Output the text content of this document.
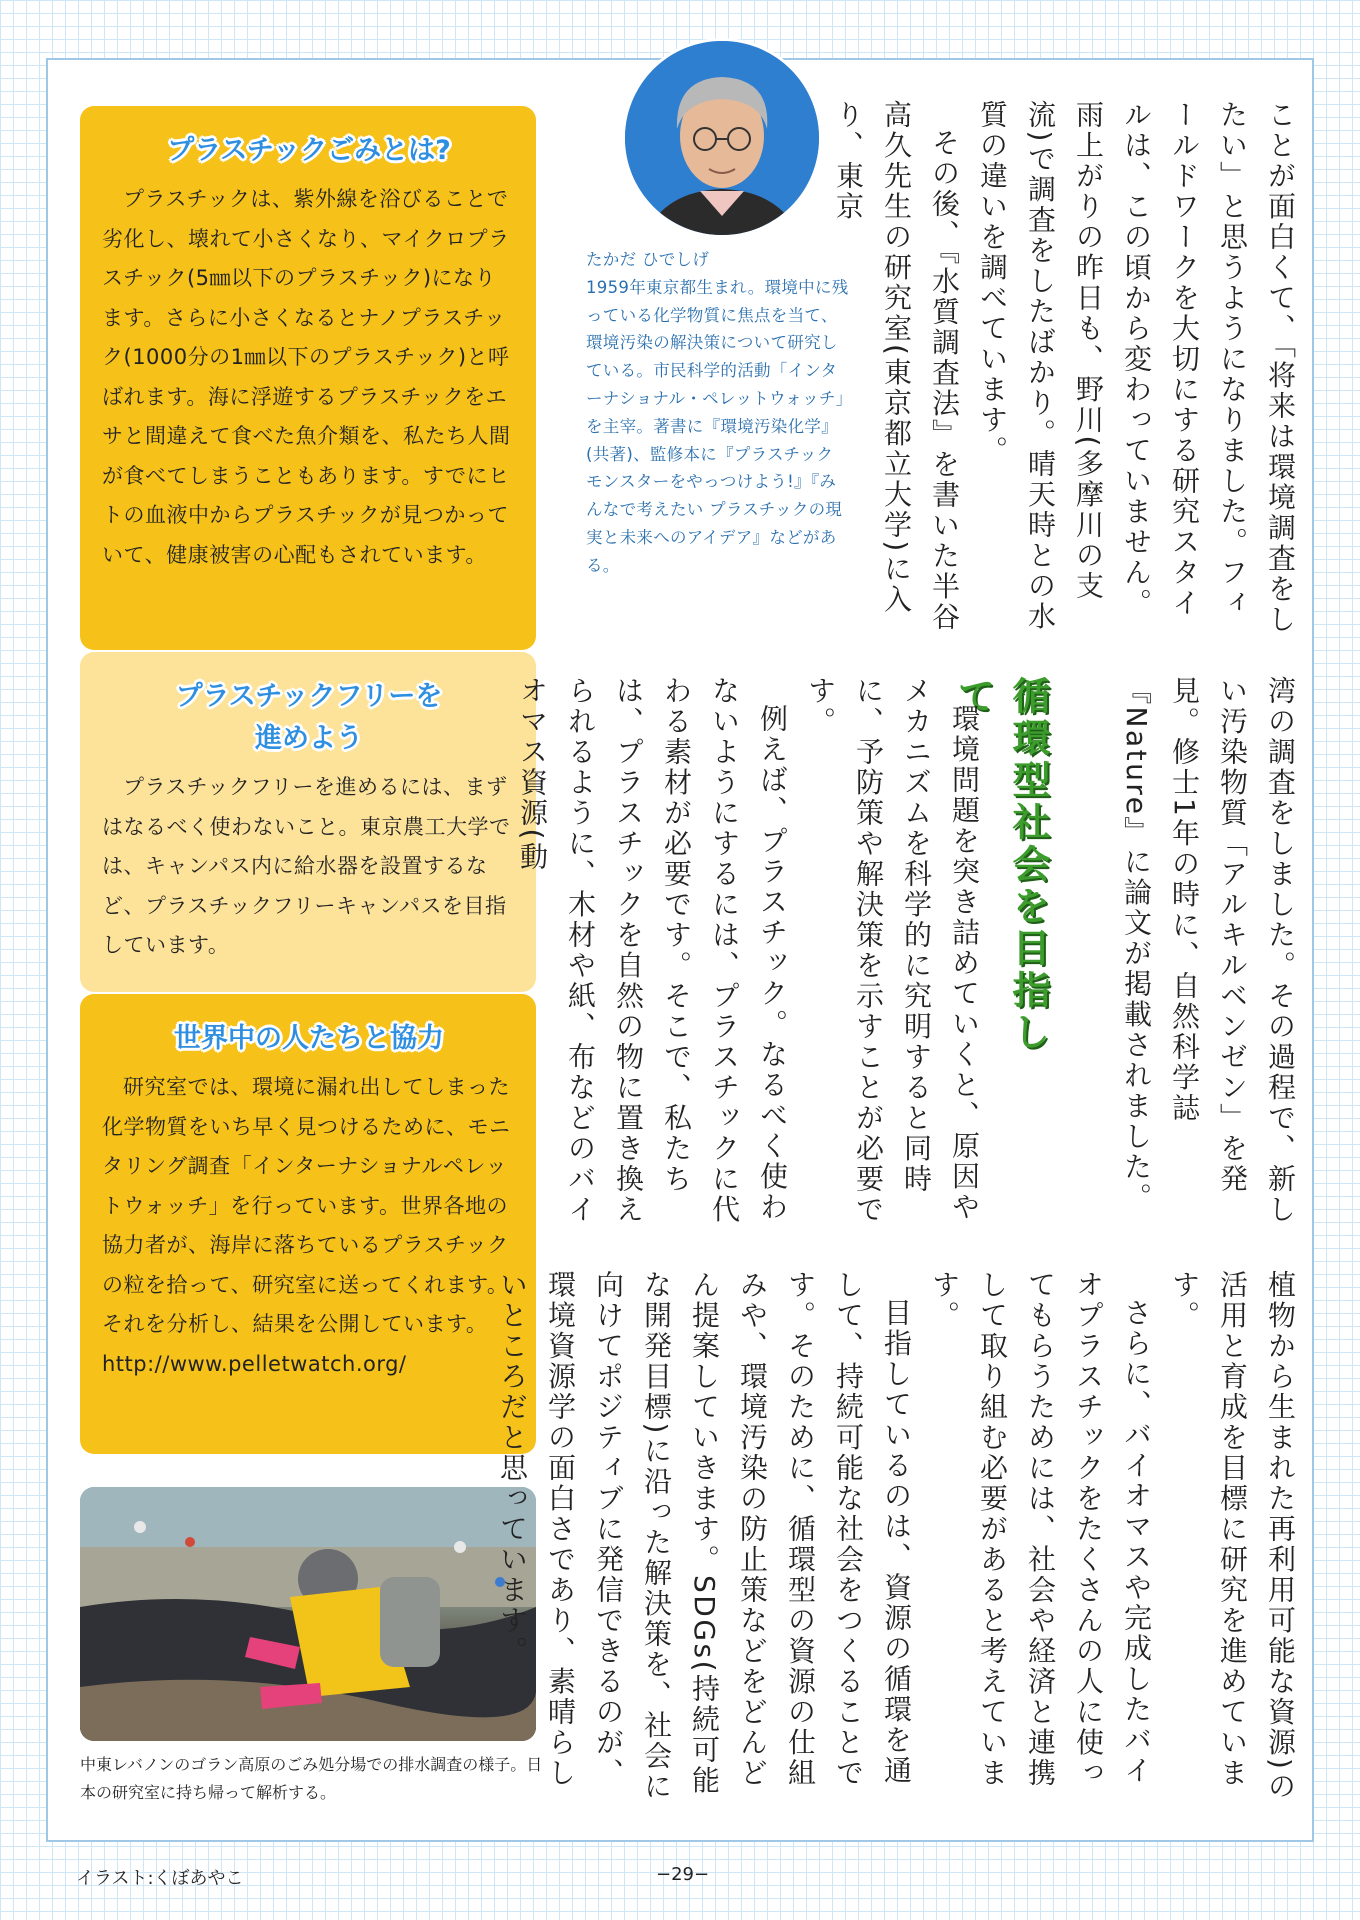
プラスチックごみとは?
プラスチックは、紫外線を浴びることで劣化し、壊れて小さくなり、マイクロプラスチック(5㎜以下のプラスチック)になります。さらに小さくなるとナノプラスチック(1000分の1㎜以下のプラスチック)と呼ばれます。海に浮遊するプラスチックをエサと間違えて食べた魚介類を、私たち人間が食べてしまうこともあります。すでにヒトの血液中からプラスチックが見つかっていて、健康被害の心配もされています。
プラスチックフリーを
進めよう
プラスチックフリーを進めるには、まずはなるべく使わないこと。東京農工大学では、キャンパス内に給水器を設置するなど、プラスチックフリーキャンパスを目指しています。
世界中の人たちと協力
研究室では、環境に漏れ出してしまった化学物質をいち早く見つけるために、モニタリング調査「インターナショナルペレットウォッチ」を行っています。世界各地の協力者が、海岸に落ちているプラスチックの粒を拾って、研究室に送ってくれます。それを分析し、結果を公開しています。
http://www.pelletwatch.org/
中東レバノンのゴラン高原のごみ処分場での排水調査の様子。日本の研究室に持ち帰って解析する。
たかだ ひでしげ
1959年東京都生まれ。環境中に残っている化学物質に焦点を当て、環境汚染の解決策について研究している。市民科学的活動「インターナショナル・ペレットウォッチ」を主宰。著書に『環境汚染化学』(共著)、監修本に『プラスチックモンスターをやっつけよう!』『みんなで考えたい プラスチックの現実と未来へのアイデア』などがある。	ことが面白くて、「将来は環境調査をしたい」と思うようになりました。フィールドワークを大切にする研究スタイルは、この頃から変わっていません。雨上がりの昨日も、野川(多摩川の支流)で調査をしたばかり。晴天時との水質の違いを調べています。

その後、『水質調査法』を書いた半谷高久先生の研究室(東京都立大学)に入り、東京

湾の調査をしました。その過程で、新しい汚染物質「アルキルベンゼン」を発見。修士1年の時に、自然科学誌『Nature』に論文が掲載されました。

循環型社会を目指して

環境問題を突き詰めていくと、原因やメカニズムを科学的に究明すると同時に、予防策や解決策を示すことが必要です。

例えば、プラスチック。なるべく使わないようにするには、プラスチックに代わる素材が必要です。そこで、私たちは、プラスチックを自然の物に置き換えられるように、木材や紙、布などのバイオマス資源(動

植物から生まれた再利用可能な資源)の活用と育成を目標に研究を進めています。

さらに、バイオマスや完成したバイオプラスチックをたくさんの人に使ってもらうためには、社会や経済と連携して取り組む必要があると考えています。

目指しているのは、資源の循環を通して、持続可能な社会をつくることです。そのために、循環型の資源の仕組みや、環境汚染の防止策などをどんどん提案していきます。SDGs(持続可能な開発目標)に沿った解決策を、社会に向けてポジティブに発信できるのが、環境資源学の面白さであり、素晴らしいところだと思っています。

イラスト:くぼあやこ	−29−
